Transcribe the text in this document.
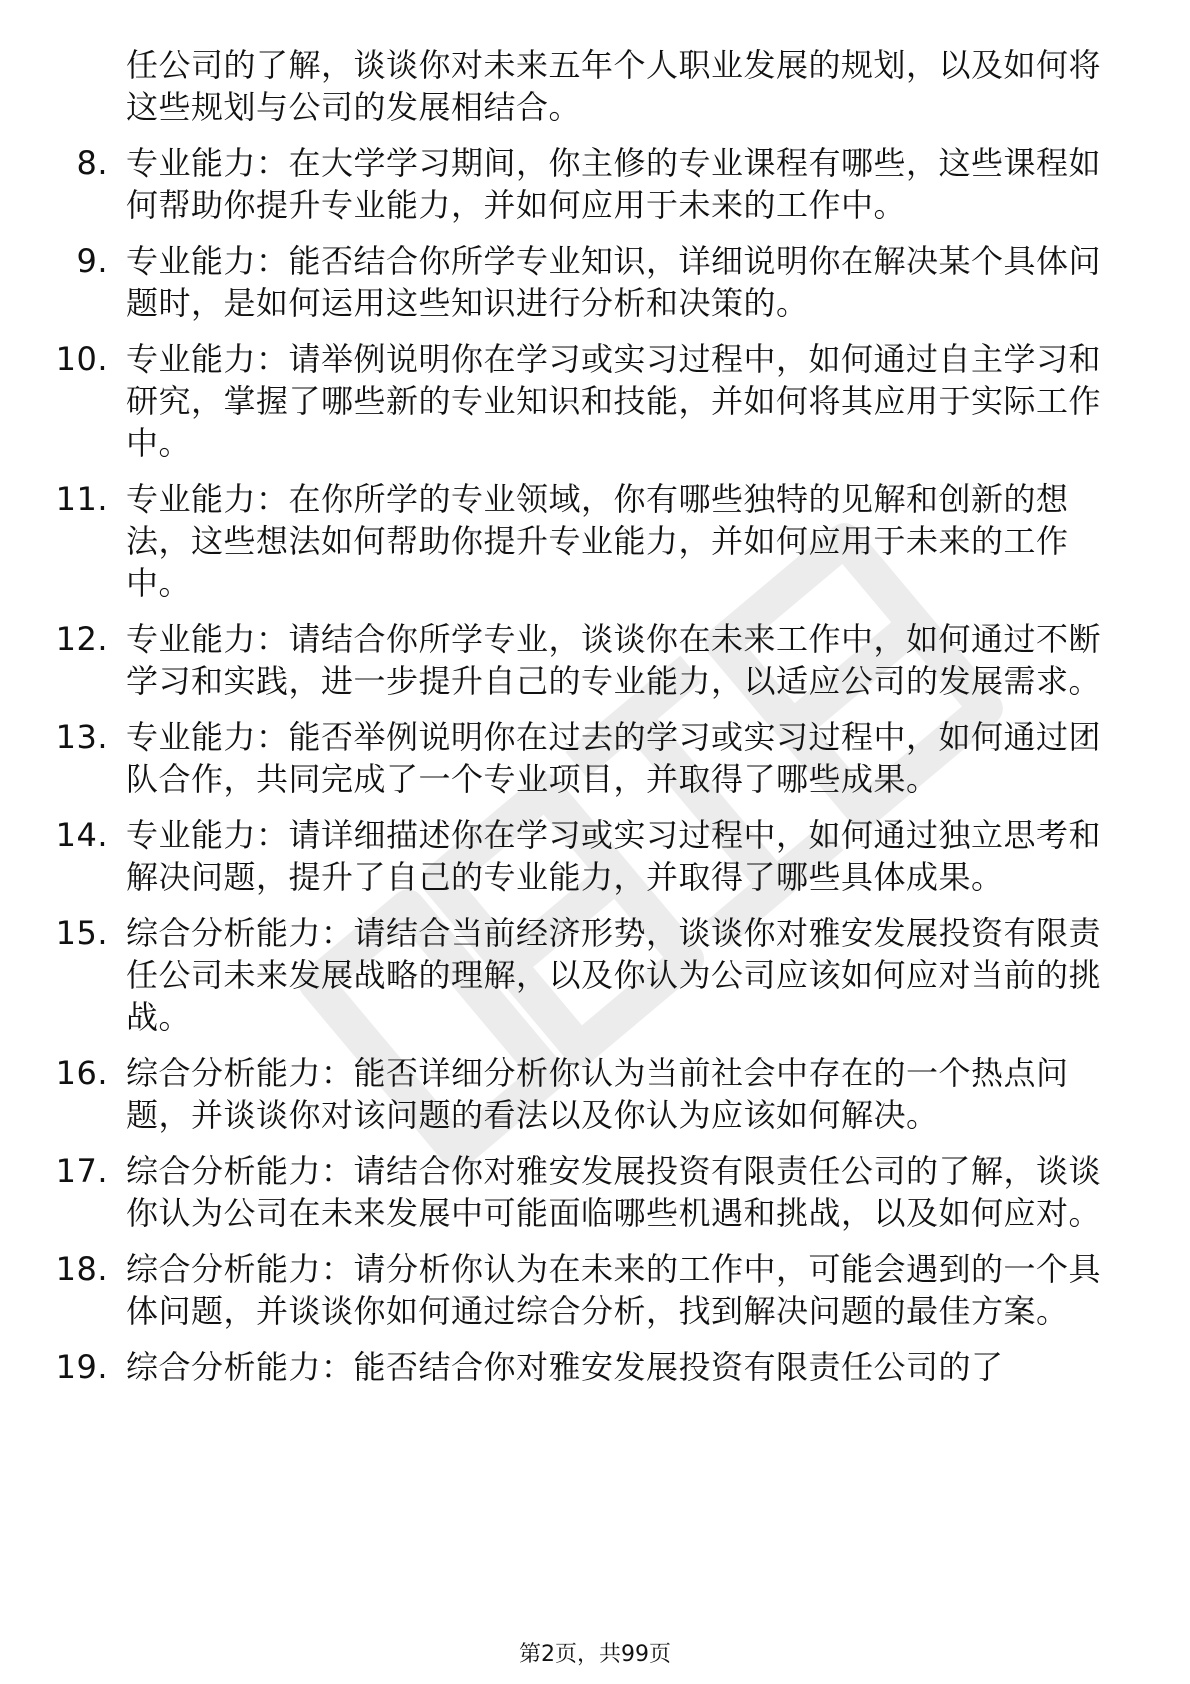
任公司的了解，谈谈你对未来五年个人职业发展的规划，以及如何将这些规划与公司的发展相结合。
8. 专业能力：在大学学习期间，你主修的专业课程有哪些，这些课程如何帮助你提升专业能力，并如何应用于未来的工作中。
9. 专业能力：能否结合你所学专业知识，详细说明你在解决某个具体问题时，是如何运用这些知识进行分析和决策的。
10. 专业能力：请举例说明你在学习或实习过程中，如何通过自主学习和研究，掌握了哪些新的专业知识和技能，并如何将其应用于实际工作中。
11. 专业能力：在你所学的专业领域，你有哪些独特的见解和创新的想法，这些想法如何帮助你提升专业能力，并如何应用于未来的工作中。
12. 专业能力：请结合你所学专业，谈谈你在未来工作中，如何通过不断学习和实践，进一步提升自己的专业能力，以适应公司的发展需求。
13. 专业能力：能否举例说明你在过去的学习或实习过程中，如何通过团队合作，共同完成了一个专业项目，并取得了哪些成果。
14. 专业能力：请详细描述你在学习或实习过程中，如何通过独立思考和解决问题，提升了自己的专业能力，并取得了哪些具体成果。
15. 综合分析能力：请结合当前经济形势，谈谈你对雅安发展投资有限责任公司未来发展战略的理解，以及你认为公司应该如何应对当前的挑战。
16. 综合分析能力：能否详细分析你认为当前社会中存在的一个热点问题，并谈谈你对该问题的看法以及你认为应该如何解决。
17. 综合分析能力：请结合你对雅安发展投资有限责任公司的了解，谈谈你认为公司在未来发展中可能面临哪些机遇和挑战，以及如何应对。
18. 综合分析能力：请分析你认为在未来的工作中，可能会遇到的一个具体问题，并谈谈你如何通过综合分析，找到解决问题的最佳方案。
19. 综合分析能力：能否结合你对雅安发展投资有限责任公司的了
第2页，共99页
